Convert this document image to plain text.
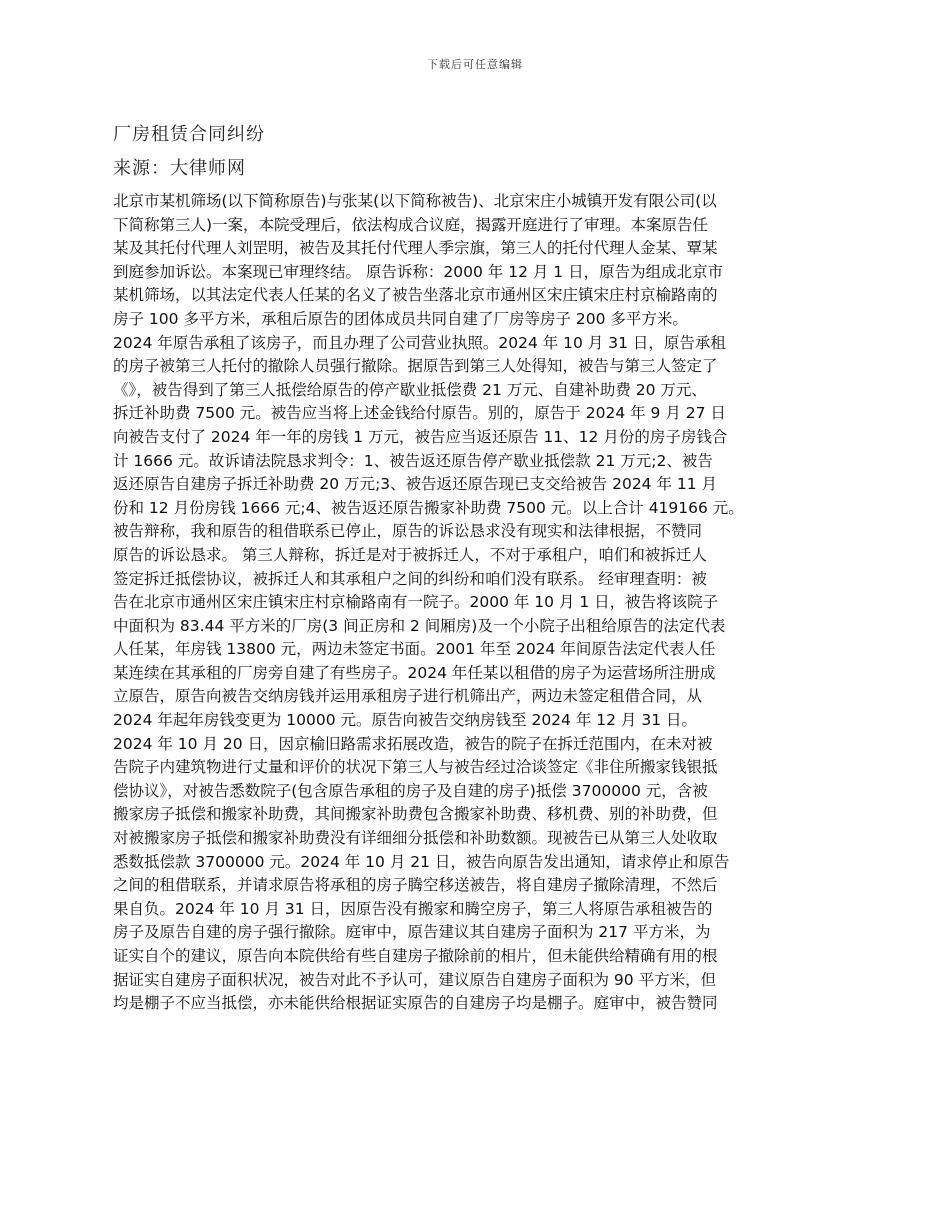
下载后可任意编辑
厂房租赁合同纠纷
来源：大律师网
北京市某机筛场(以下简称原告)与张某(以下简称被告)、北京宋庄小城镇开发有限公司(以
下简称第三人)一案，本院受理后，依法构成合议庭，揭露开庭进行了审理。本案原告任
某及其托付代理人刘罡明，被告及其托付代理人季宗旗，第三人的托付代理人金某、覃某
到庭参加诉讼。本案现已审理终结。 原告诉称：2000 年 12 月 1 日，原告为组成北京市
某机筛场，以其法定代表人任某的名义了被告坐落北京市通州区宋庄镇宋庄村京榆路南的
房子 100 多平方米，承租后原告的团体成员共同自建了厂房等房子 200 多平方米。
2024 年原告承租了该房子，而且办理了公司营业执照。2024 年 10 月 31 日，原告承租
的房子被第三人托付的撤除人员强行撤除。据原告到第三人处得知，被告与第三人签定了
《》，被告得到了第三人抵偿给原告的停产歇业抵偿费 21 万元、自建补助费 20 万元、
拆迁补助费 7500 元。被告应当将上述金钱给付原告。别的，原告于 2024 年 9 月 27 日
向被告支付了 2024 年一年的房钱 1 万元，被告应当返还原告 11、12 月份的房子房钱合
计 1666 元。故诉请法院恳求判令：1、被告返还原告停产歇业抵偿款 21 万元;2、被告
返还原告自建房子拆迁补助费 20 万元;3、被告返还原告现已支交给被告 2024 年 11 月
份和 12 月份房钱 1666 元;4、被告返还原告搬家补助费 7500 元。以上合计 419166 元。
被告辩称，我和原告的租借联系已停止，原告的诉讼恳求没有现实和法律根据，不赞同
原告的诉讼恳求。 第三人辩称，拆迁是对于被拆迁人，不对于承租户，咱们和被拆迁人
签定拆迁抵偿协议，被拆迁人和其承租户之间的纠纷和咱们没有联系。 经审理查明：被
告在北京市通州区宋庄镇宋庄村京榆路南有一院子。2000 年 10 月 1 日，被告将该院子
中面积为 83.44 平方米的厂房(3 间正房和 2 间厢房)及一个小院子出租给原告的法定代表
人任某，年房钱 13800 元，两边未签定书面。2001 年至 2024 年间原告法定代表人任
某连续在其承租的厂房旁自建了有些房子。2024 年任某以租借的房子为运营场所注册成
立原告，原告向被告交纳房钱并运用承租房子进行机筛出产，两边未签定租借合同，从
2024 年起年房钱变更为 10000 元。原告向被告交纳房钱至 2024 年 12 月 31 日。
2024 年 10 月 20 日，因京榆旧路需求拓展改造，被告的院子在拆迁范围内，在未对被
告院子内建筑物进行丈量和评价的状况下第三人与被告经过洽谈签定《非住所搬家钱银抵
偿协议》，对被告悉数院子(包含原告承租的房子及自建的房子)抵偿 3700000 元，含被
搬家房子抵偿和搬家补助费，其间搬家补助费包含搬家补助费、移机费、别的补助费，但
对被搬家房子抵偿和搬家补助费没有详细细分抵偿和补助数额。现被告已从第三人处收取
悉数抵偿款 3700000 元。2024 年 10 月 21 日，被告向原告发出通知，请求停止和原告
之间的租借联系，并请求原告将承租的房子腾空移送被告，将自建房子撤除清理，不然后
果自负。2024 年 10 月 31 日，因原告没有搬家和腾空房子，第三人将原告承租被告的
房子及原告自建的房子强行撤除。庭审中，原告建议其自建房子面积为 217 平方米，为
证实自个的建议，原告向本院供给有些自建房子撤除前的相片，但未能供给精确有用的根
据证实自建房子面积状况，被告对此不予认可，建议原告自建房子面积为 90 平方米，但
均是棚子不应当抵偿，亦未能供给根据证实原告的自建房子均是棚子。庭审中，被告赞同
